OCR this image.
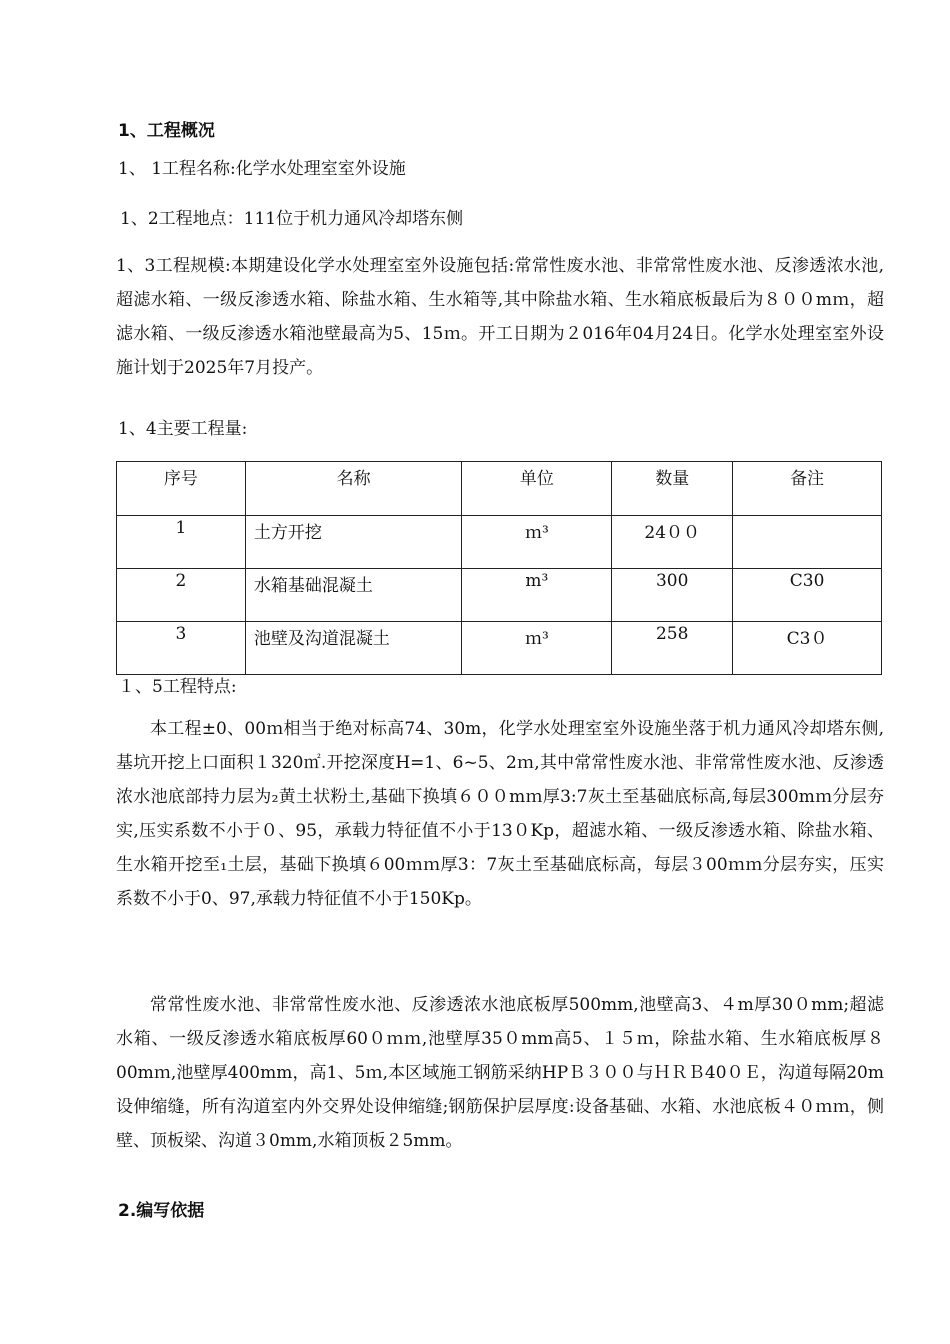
1、工程概况
1、 1工程名称:化学水处理室室外设施
1、2工程地点：111位于机力通风冷却塔东侧
1、3工程规模:本期建设化学水处理室室外设施包括:常常性废水池、非常常性废水池、反渗透浓水池,超滤水箱、一级反渗透水箱、除盐水箱、生水箱等,其中除盐水箱、生水箱底板最后为８００mｍ，超滤水箱、一级反渗透水箱池壁最高为5、15ｍ。开工日期为２016年04月24日。化学水处理室室外设施计划于2025年7月投产。
1、4主要工程量:
序号	名称	单位	数量	备注
1	土方开挖	ｍ³	24００	
2	水箱基础混凝土	m³	300	C30
3	池壁及沟道混凝土	ｍ³	258	C3０
１、5工程特点:
本工程±0、00ｍ相当于绝对标高74、30m，化学水处理室室外设施坐落于机力通风冷却塔东侧,基坑开挖上口面积１320㎡.开挖深度H=1、6~5、2ｍ,其中常常性废水池、非常常性废水池、反渗透浓水池底部持力层为₂黄土状粉土,基础下换填６００mｍ厚3:7灰土至基础底标高,每层300mｍ分层夯实,压实系数不小于０、95，承载力特征值不小于13０Kp，超滤水箱、一级反渗透水箱、除盐水箱、生水箱开挖至₁土层，基础下换填６00ｍｍ厚3：7灰土至基础底标高，每层３00ｍｍ分层夯实，压实系数不小于0、97,承载力特征值不小于150Kp。
常常性废水池、非常常性废水池、反渗透浓水池底板厚500mm,池壁高3、４m厚30０mm;超滤水箱、一级反渗透水箱底板厚60０ｍｍ,池壁厚35０mm高5、１５ｍ，除盐水箱、生水箱底板厚８00mｍ,池壁厚400mm，高1、5ｍ,本区域施工钢筋采纳HPＢ３００与ＨＲＢ40０Ｅ，沟道每隔20m设伸缩缝，所有沟道室内外交界处设伸缩缝;钢筋保护层厚度:设备基础、水箱、水池底板４０ｍｍ，侧壁、顶板梁、沟道３0mm,水箱顶板２5mm。
2.编写依据
